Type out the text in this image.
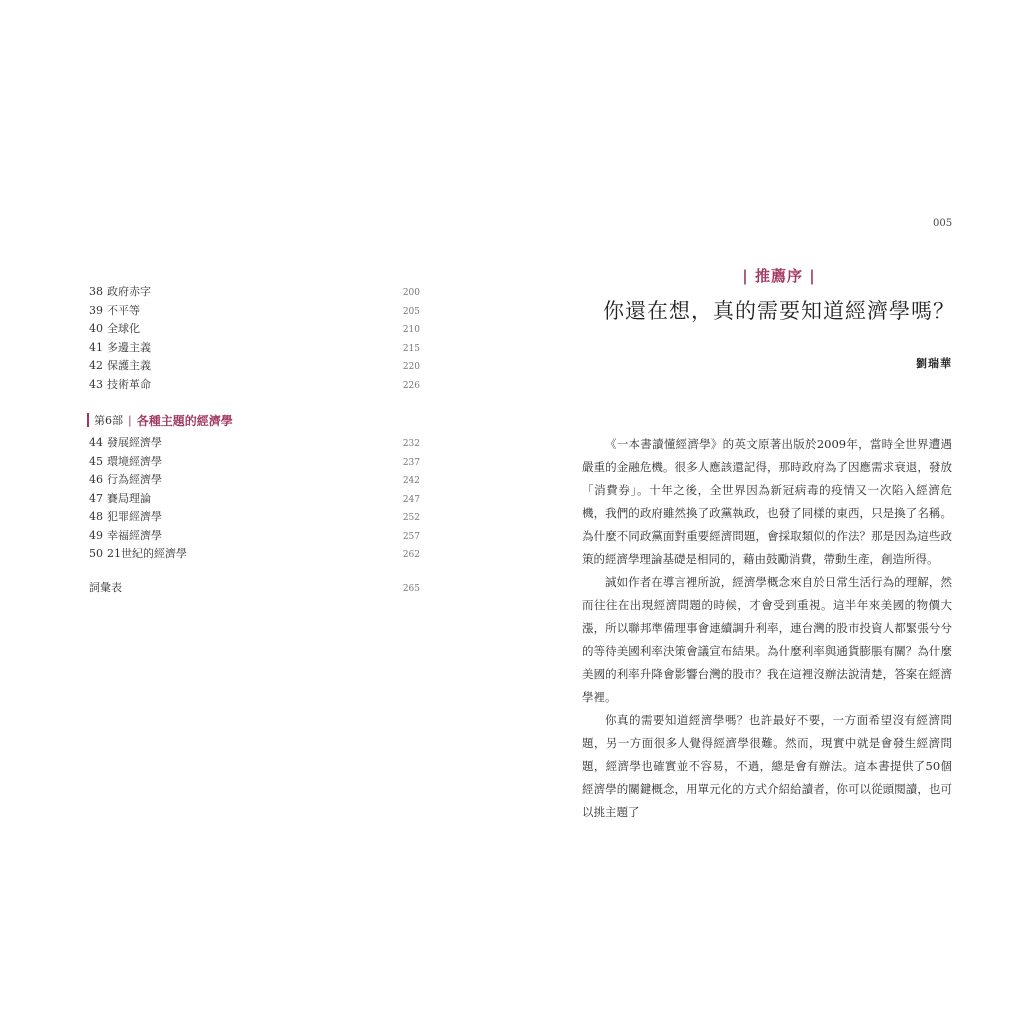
38 政府赤字	200
39 不平等	205
40 全球化	210
41 多邊主義	215
42 保護主義	220
43 技術革命	226
第6部 | 各種主題的經濟學
44 發展經濟學	232
45 環境經濟學	237
46 行為經濟學	242
47 賽局理論	247
48 犯罪經濟學	252
49 幸福經濟學	257
50 21世紀的經濟學	262
詞彙表	265
005
| 推薦序 |
你還在想，真的需要知道經濟學嗎？
劉瑞華

《一本書讀懂經濟學》的英文原著出版於2009年，當時全世界遭遇嚴重的金融危機。很多人應該還記得，那時政府為了因應需求衰退，發放「消費券」。十年之後，全世界因為新冠病毒的疫情又一次陷入經濟危機，我們的政府雖然換了政黨執政，也發了同樣的東西，只是換了名稱。為什麼不同政黨面對重要經濟問題，會採取類似的作法？那是因為這些政策的經濟學理論基礎是相同的，藉由鼓勵消費，帶動生產，創造所得。

誠如作者在導言裡所說，經濟學概念來自於日常生活行為的理解，然而往往在出現經濟問題的時候，才會受到重視。這半年來美國的物價大漲，所以聯邦準備理事會連續調升利率，連台灣的股市投資人都緊張兮兮的等待美國利率決策會議宣布結果。為什麼利率與通貨膨脹有關？為什麼美國的利率升降會影響台灣的股市？我在這裡沒辦法說清楚，答案在經濟學裡。

你真的需要知道經濟學嗎？也許最好不要，一方面希望沒有經濟問題，另一方面很多人覺得經濟學很難。然而，現實中就是會發生經濟問題，經濟學也確實並不容易，不過，總是會有辦法。這本書提供了50個經濟學的關鍵概念，用單元化的方式介紹給讀者，你可以從頭閱讀，也可以挑主題了
